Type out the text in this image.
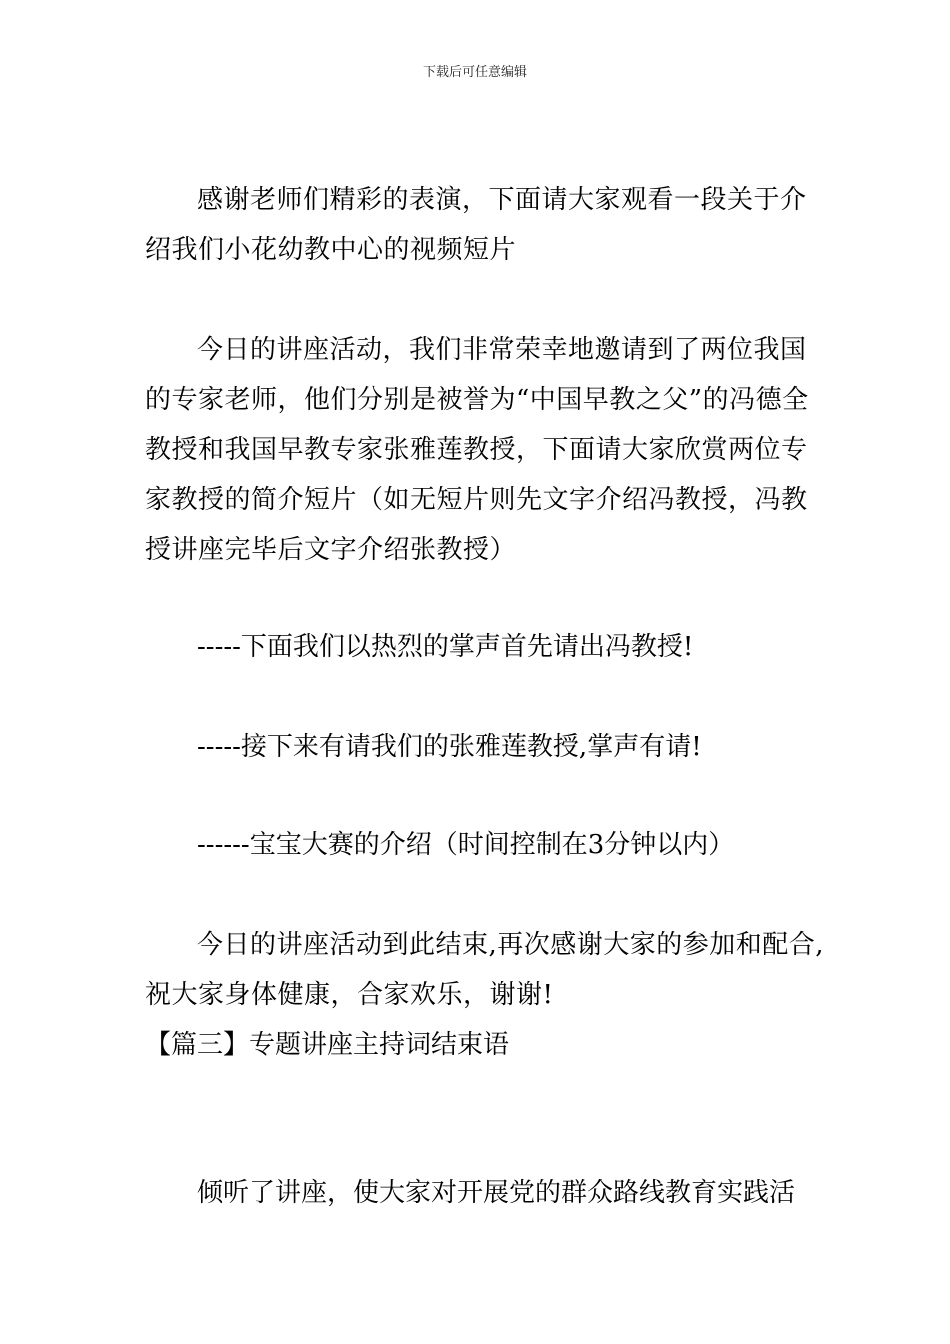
下载后可任意编辑

感谢老师们精彩的表演，下面请大家观看一段关于介绍我们小花幼教中心的视频短片

今日的讲座活动，我们非常荣幸地邀请到了两位我国的专家老师，他们分别是被誉为“中国早教之父”的冯德全教授和我国早教专家张雅莲教授，下面请大家欣赏两位专家教授的简介短片（如无短片则先文字介绍冯教授，冯教授讲座完毕后文字介绍张教授）

-----下面我们以热烈的掌声首先请出冯教授!

-----接下来有请我们的张雅莲教授,掌声有请!

------宝宝大赛的介绍（时间控制在3分钟以内）

今日的讲座活动到此结束,再次感谢大家的参加和配合,祝大家身体健康，合家欢乐，谢谢!

【篇三】专题讲座主持词结束语

倾听了讲座，使大家对开展党的群众路线教育实践活
